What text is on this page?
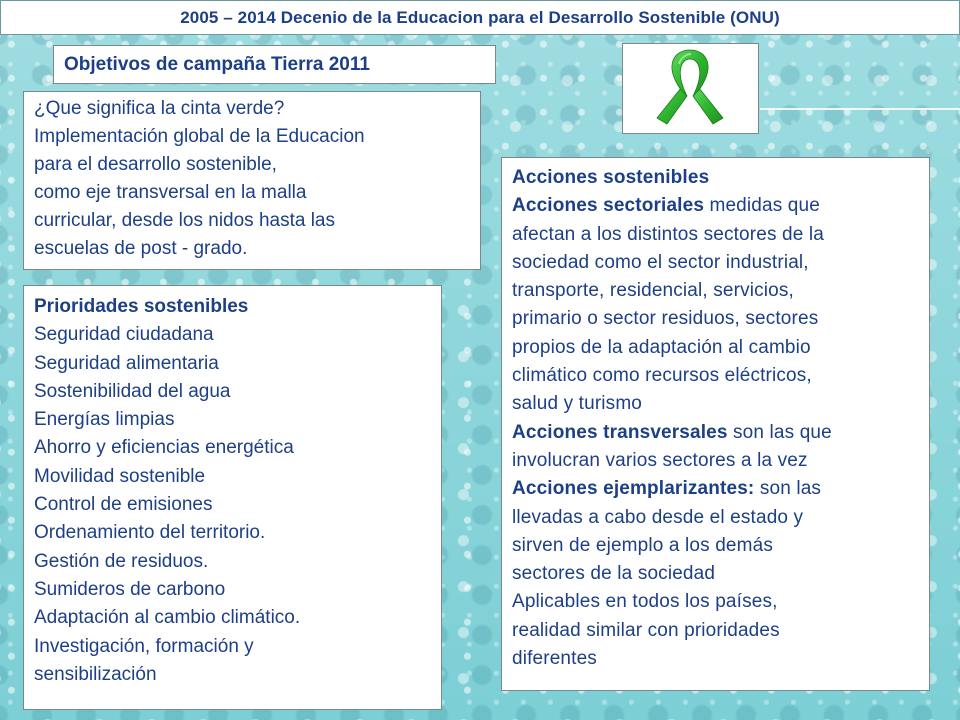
2005 – 2014 Decenio de la Educacion para el Desarrollo Sostenible (ONU)
Objetivos de campaña Tierra 2011
¿Que significa la cinta verde?
Implementación global de la Educacion
para el desarrollo sostenible,
como eje transversal en la malla
curricular, desde los nidos hasta las
escuelas de post - grado.
Prioridades sostenibles
Seguridad ciudadana
Seguridad alimentaria
Sostenibilidad del agua
Energías limpias
Ahorro y eficiencias energética
Movilidad sostenible
Control de emisiones
Ordenamiento del territorio.
Gestión de residuos.
Sumideros de carbono
Adaptación al cambio climático.
Investigación, formación y
sensibilización
Acciones sostenibles
Acciones sectoriales medidas que
afectan a los distintos sectores de la
sociedad como el sector industrial,
transporte, residencial, servicios,
primario o sector residuos, sectores
propios de la adaptación al cambio
climático como recursos eléctricos,
salud y turismo
Acciones transversales son las que
involucran varios sectores a la vez
Acciones ejemplarizantes: son las
llevadas a cabo desde el estado y
sirven de ejemplo a los demás
sectores de la sociedad
Aplicables en todos los países,
realidad similar con prioridades
diferentes
